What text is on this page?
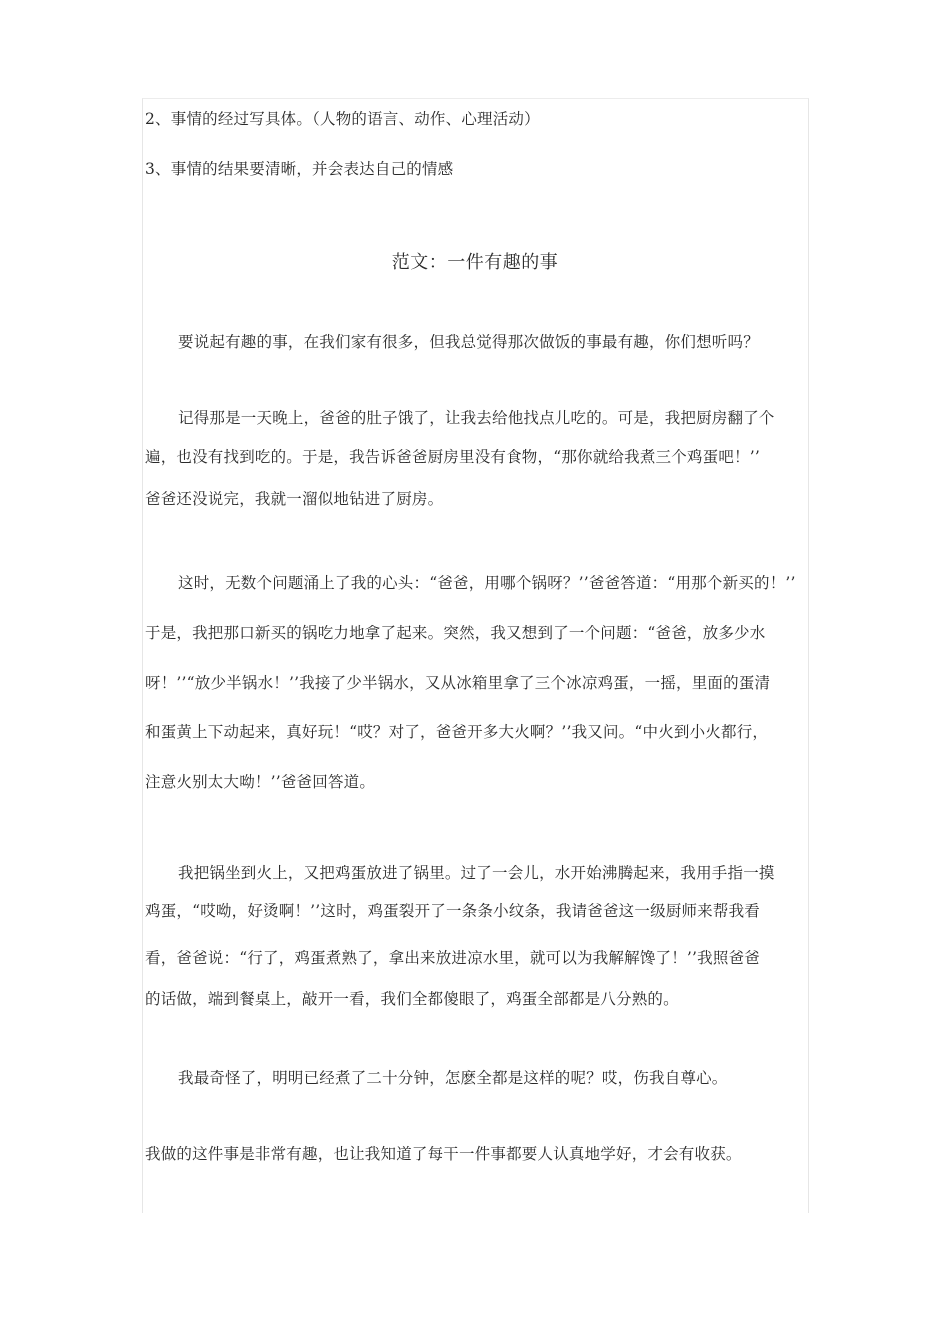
2、事情的经过写具体。（人物的语言、动作、心理活动）
3、事情的结果要清晰，并会表达自己的情感
范文：一件有趣的事
要说起有趣的事，在我们家有很多，但我总觉得那次做饭的事最有趣，你们想听吗？
记得那是一天晚上，爸爸的肚子饿了，让我去给他找点儿吃的。可是，我把厨房翻了个
遍，也没有找到吃的。于是，我告诉爸爸厨房里没有食物，“那你就给我煮三个鸡蛋吧！’’
爸爸还没说完，我就一溜似地钻进了厨房。
这时，无数个问题涌上了我的心头：“爸爸，用哪个锅呀？’’爸爸答道：“用那个新买的！’’
于是，我把那口新买的锅吃力地拿了起来。突然，我又想到了一个问题：“爸爸，放多少水
呀！’’“放少半锅水！’’我接了少半锅水，又从冰箱里拿了三个冰凉鸡蛋，一摇，里面的蛋清
和蛋黄上下动起来，真好玩！“哎？对了，爸爸开多大火啊？’’我又问。“中火到小火都行，
注意火别太大呦！’’爸爸回答道。
我把锅坐到火上，又把鸡蛋放进了锅里。过了一会儿，水开始沸腾起来，我用手指一摸
鸡蛋，“哎呦，好烫啊！’’这时，鸡蛋裂开了一条条小纹条，我请爸爸这一级厨师来帮我看
看，爸爸说：“行了，鸡蛋煮熟了，拿出来放进凉水里，就可以为我解解馋了！’’我照爸爸
的话做，端到餐桌上，敲开一看，我们全都傻眼了，鸡蛋全部都是八分熟的。
我最奇怪了，明明已经煮了二十分钟，怎麽全都是这样的呢？哎，伤我自尊心。
我做的这件事是非常有趣，也让我知道了每干一件事都要人认真地学好，才会有收获。
